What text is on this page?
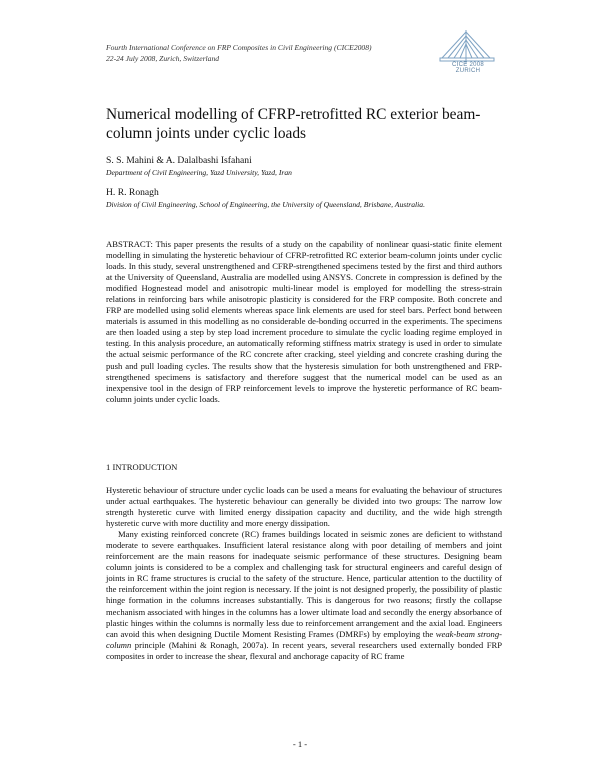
Fourth International Conference on FRP Composites in Civil Engineering (CICE2008)
22-24 July 2008, Zurich, Switzerland
CICE 2008 ZURICH
Numerical modelling of CFRP-retrofitted RC exterior beam-column joints under cyclic loads
S. S. Mahini & A. Dalalbashi Isfahani
Department of Civil Engineering, Yazd University, Yazd, Iran
H. R. Ronagh
Division of Civil Engineering, School of Engineering, the University of Queensland, Brisbane, Australia.
ABSTRACT: This paper presents the results of a study on the capability of nonlinear quasi-static finite element modelling in simulating the hysteretic behaviour of CFRP-retrofitted RC exterior beam-column joints under cyclic loads. In this study, several unstrengthened and CFRP-strengthened specimens tested by the first and third authors at the University of Queensland, Australia are modelled using ANSYS. Concrete in compression is defined by the modified Hognestead model and anisotropic multi-linear model is employed for modelling the stress-strain relations in reinforcing bars while anisotropic plasticity is considered for the FRP composite. Both concrete and FRP are modelled using solid elements whereas space link elements are used for steel bars. Perfect bond between materials is assumed in this modelling as no considerable de-bonding occurred in the experiments. The specimens are then loaded using a step by step load increment procedure to simulate the cyclic loading regime employed in testing. In this analysis procedure, an automatically reforming stiffness matrix strategy is used in order to simulate the actual seismic performance of the RC concrete after cracking, steel yielding and concrete crashing during the push and pull loading cycles. The results show that the hysteresis simulation for both unstrengthened and FRP-strengthened specimens is satisfactory and therefore suggest that the numerical model can be used as an inexpensive tool in the design of FRP reinforcement levels to improve the hysteretic performance of RC beam-column joints under cyclic loads.
1 INTRODUCTION

Hysteretic behaviour of structure under cyclic loads can be used a means for evaluating the behaviour of structures under actual earthquakes. The hysteretic behaviour can generally be divided into two groups: The narrow low strength hysteretic curve with limited energy dissipation capacity and ductility, and the wide high strength hysteretic curve with more ductility and more energy dissipation.

Many existing reinforced concrete (RC) frames buildings located in seismic zones are deficient to withstand moderate to severe earthquakes. Insufficient lateral resistance along with poor detailing of members and joint reinforcement are the main reasons for inadequate seismic performance of these structures. Designing beam column joints is considered to be a complex and challenging task for structural engineers and careful design of joints in RC frame structures is crucial to the safety of the structure. Hence, particular attention to the ductility of the reinforcement within the joint region is necessary. If the joint is not designed properly, the possibility of plastic hinge formation in the columns increases substantially. This is dangerous for two reasons; firstly the collapse mechanism associated with hinges in the columns has a lower ultimate load and secondly the energy absorbance of plastic hinges within the columns is normally less due to reinforcement arrangement and the axial load. Engineers can avoid this when designing Ductile Moment Resisting Frames (DMRFs) by employing the weak-beam strong-column principle (Mahini & Ronagh, 2007a). In recent years, several researchers used externally bonded FRP composites in order to increase the shear, flexural and anchorage capacity of RC frame

- 1 -
